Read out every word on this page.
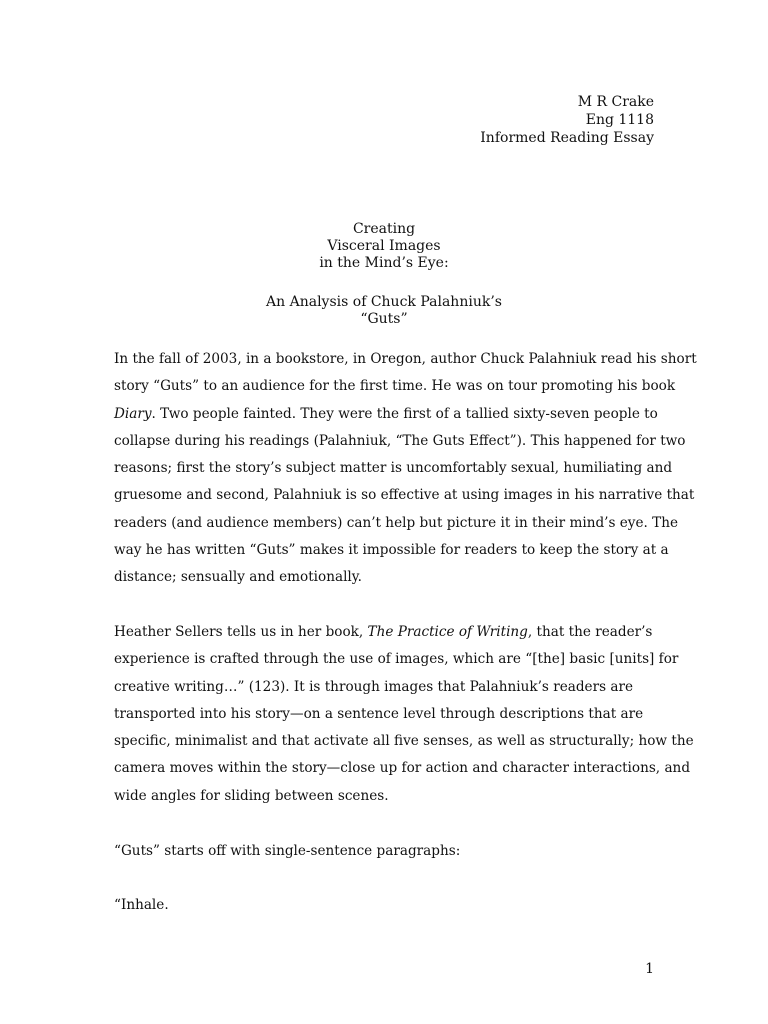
M R Crake
Eng 1118
Informed Reading Essay
Creating
Visceral Images
in the Mind’s Eye:
An Analysis of Chuck Palahniuk’s
“Guts”
In the fall of 2003, in a bookstore, in Oregon, author Chuck Palahniuk read his short
story “Guts” to an audience for the first time. He was on tour promoting his book
Diary. Two people fainted. They were the first of a tallied sixty-seven people to
collapse during his readings (Palahniuk, “The Guts Effect”). This happened for two
reasons; first the story’s subject matter is uncomfortably sexual, humiliating and
gruesome and second, Palahniuk is so effective at using images in his narrative that
readers (and audience members) can’t help but picture it in their mind’s eye. The
way he has written “Guts” makes it impossible for readers to keep the story at a
distance; sensually and emotionally.
Heather Sellers tells us in her book, The Practice of Writing, that the reader’s
experience is crafted through the use of images, which are “[the] basic [units] for
creative writing…” (123). It is through images that Palahniuk’s readers are
transported into his story—on a sentence level through descriptions that are
specific, minimalist and that activate all five senses, as well as structurally; how the
camera moves within the story—close up for action and character interactions, and
wide angles for sliding between scenes.
“Guts” starts off with single-sentence paragraphs:
“Inhale.
1
